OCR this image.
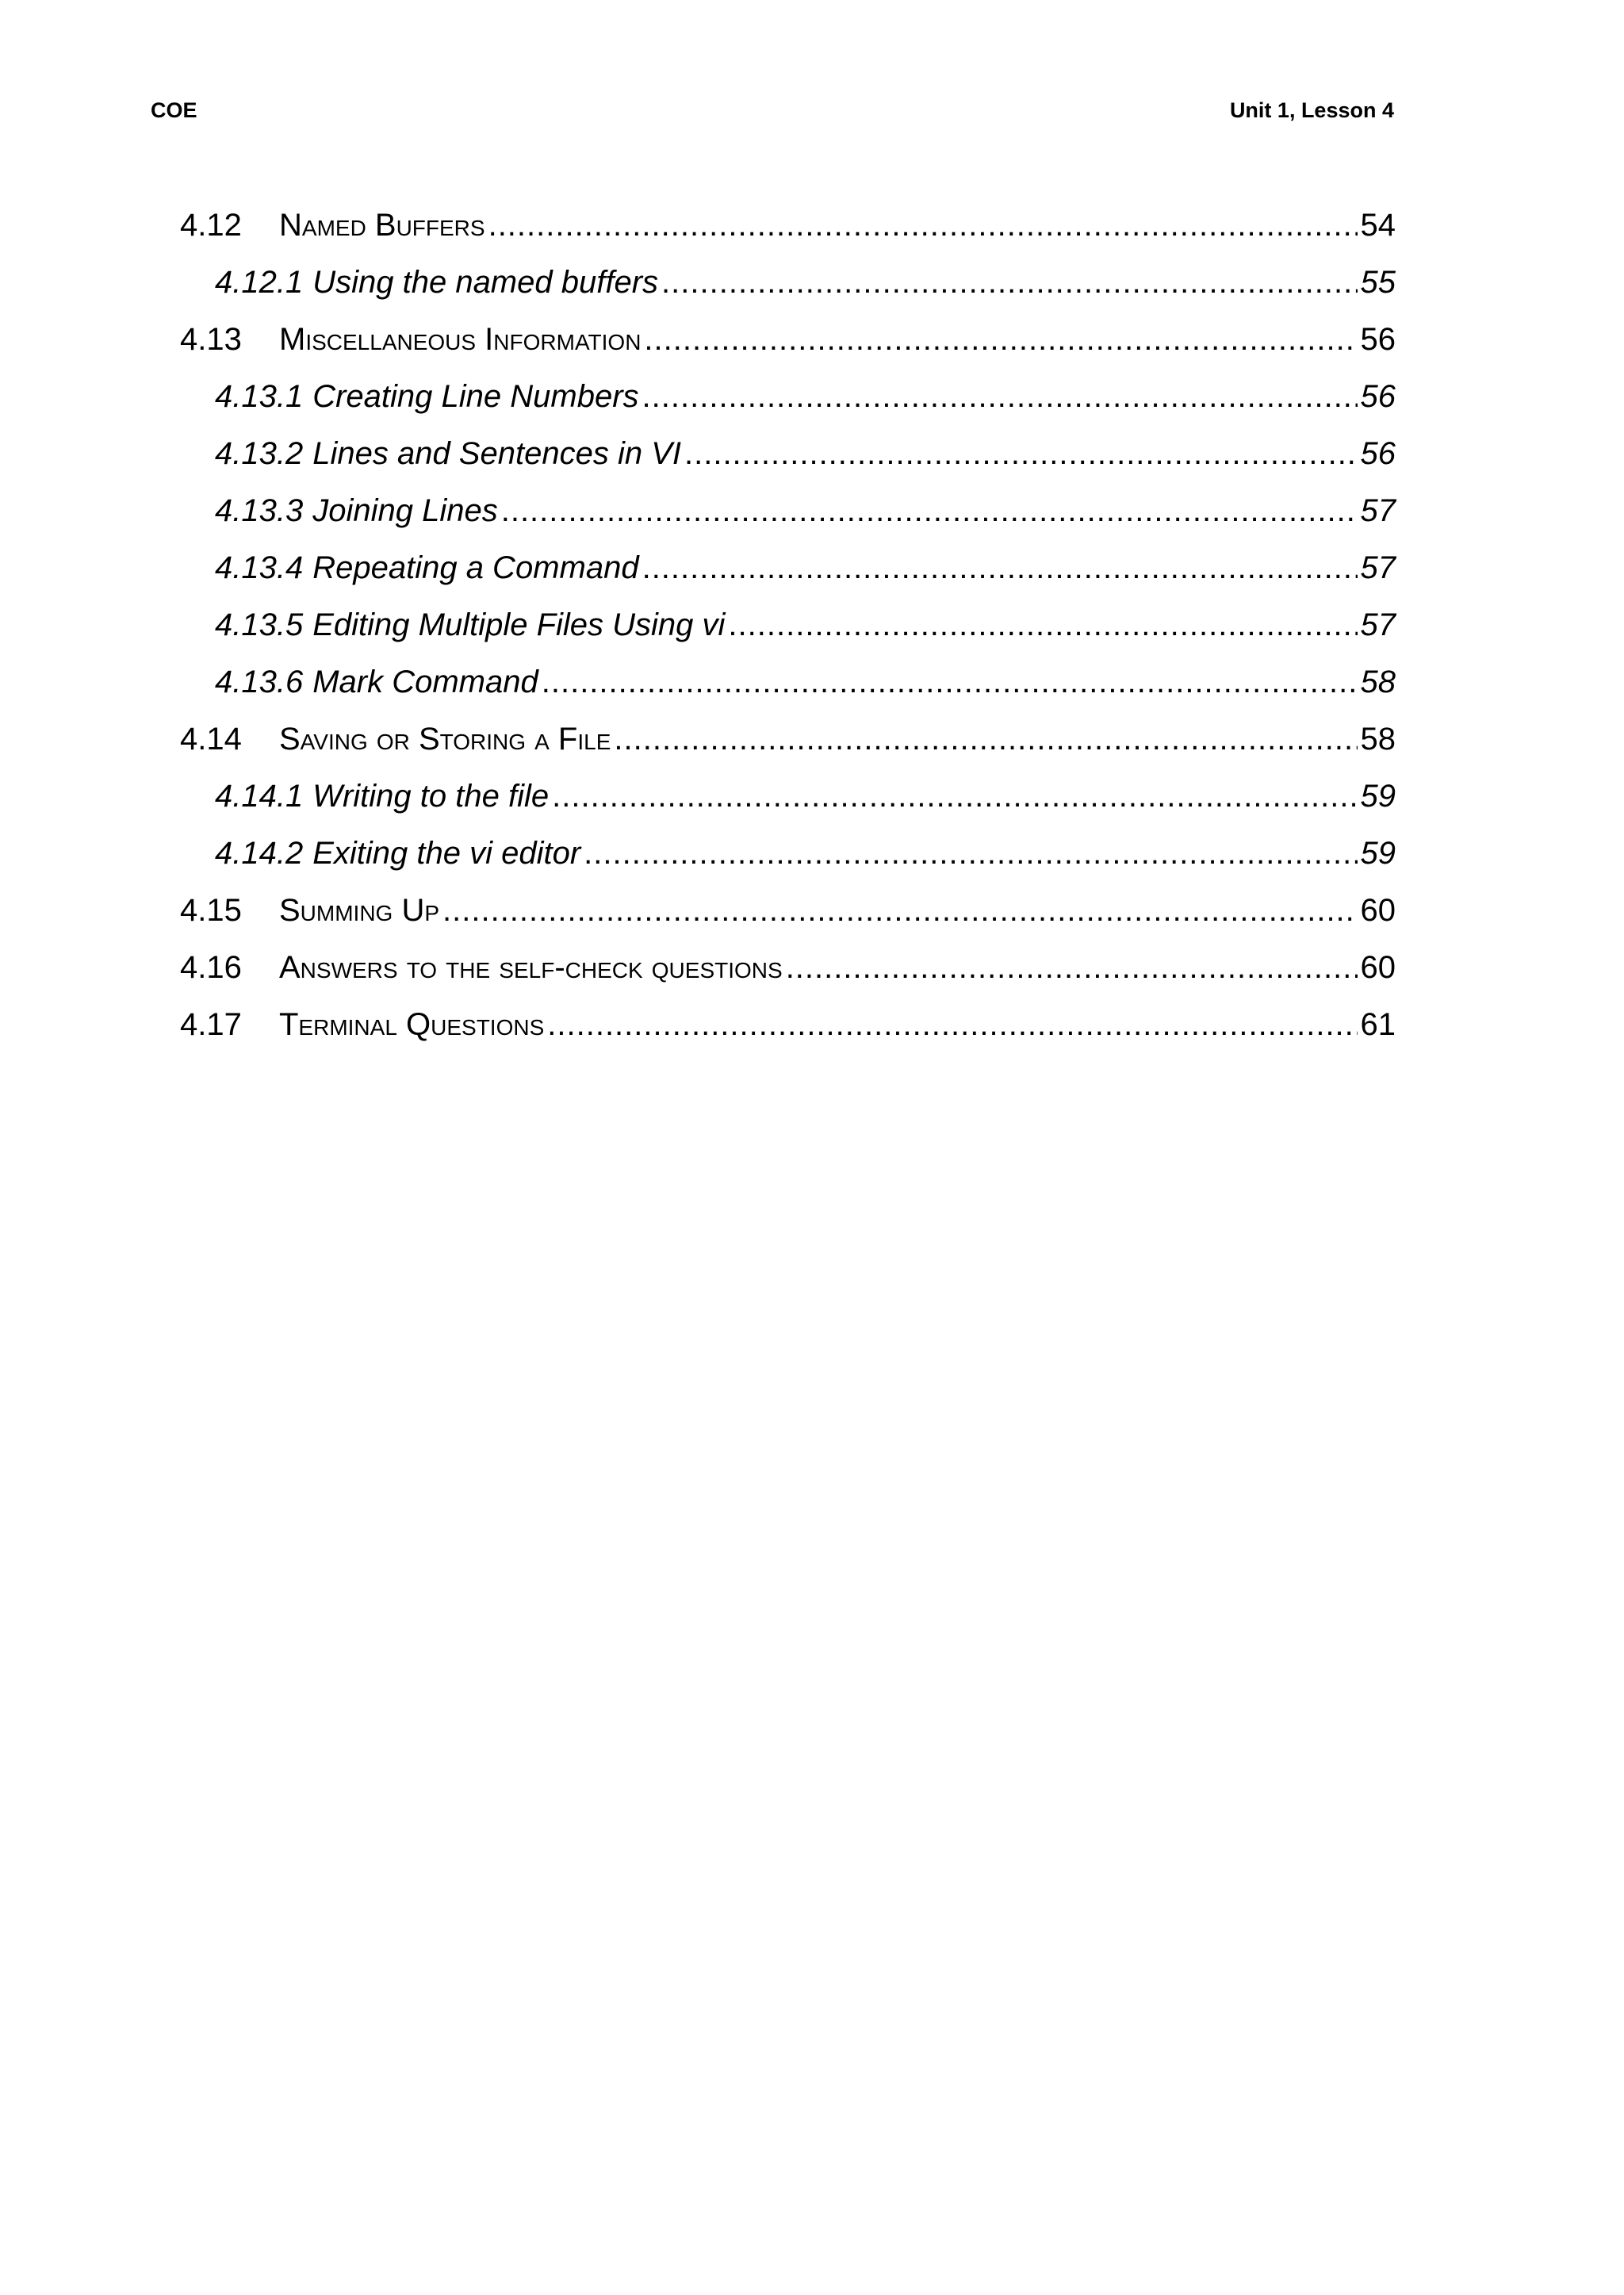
COE	Unit 1, Lesson 4
4.12	Named Buffers .....	54
4.12.1 Using the named buffers .....	55
4.13	Miscellaneous Information .....	56
4.13.1 Creating Line Numbers .....	56
4.13.2 Lines and Sentences in VI .....	56
4.13.3 Joining Lines .....	57
4.13.4 Repeating a Command .....	57
4.13.5 Editing Multiple Files Using vi .....	57
4.13.6 Mark Command .....	58
4.14	Saving or Storing a File .....	58
4.14.1 Writing to the file .....	59
4.14.2 Exiting the vi editor .....	59
4.15	Summing Up .....	60
4.16	Answers to the self-check questions .....	60
4.17	Terminal Questions .....	61
